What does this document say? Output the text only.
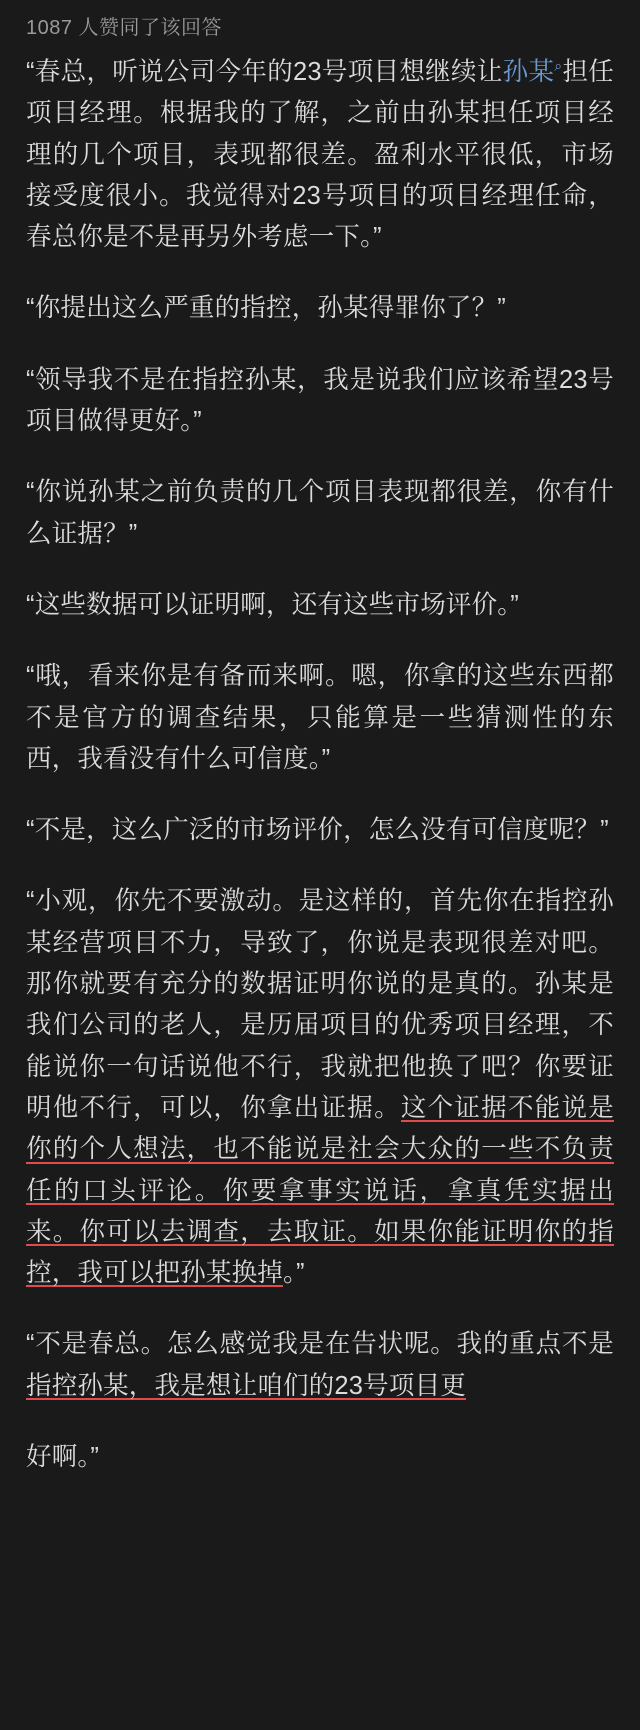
1087 人赞同了该回答
“春总，听说公司今年的23号项目想继续让孙某⌕担任项目经理。根据我的了解，之前由孙某担任项目经理的几个项目，表现都很差。盈利水平很低，市场接受度很小。我觉得对23号项目的项目经理任命，春总你是不是再另外考虑一下。”
“你提出这么严重的指控，孙某得罪你了？”
“领导我不是在指控孙某，我是说我们应该希望23号项目做得更好。”
“你说孙某之前负责的几个项目表现都很差，你有什么证据？”
“这些数据可以证明啊，还有这些市场评价。”
“哦，看来你是有备而来啊。嗯，你拿的这些东西都不是官方的调查结果，只能算是一些猜测性的东西，我看没有什么可信度。”
“不是，这么广泛的市场评价，怎么没有可信度呢？”
“小观，你先不要激动。是这样的，首先你在指控孙某经营项目不力，导致了，你说是表现很差对吧。那你就要有充分的数据证明你说的是真的。孙某是我们公司的老人，是历届项目的优秀项目经理，不能说你一句话说他不行，我就把他换了吧？你要证明他不行，可以，你拿出证据。这个证据不能说是你的个人想法，也不能说是社会大众的一些不负责任的口头评论。你要拿事实说话，拿真凭实据出来。你可以去调查，去取证。如果你能证明你的指控，我可以把孙某换掉。”
“不是春总。怎么感觉我是在告状呢。我的重点不是指控孙某，我是想让咱们的23号项目更
好啊。”
